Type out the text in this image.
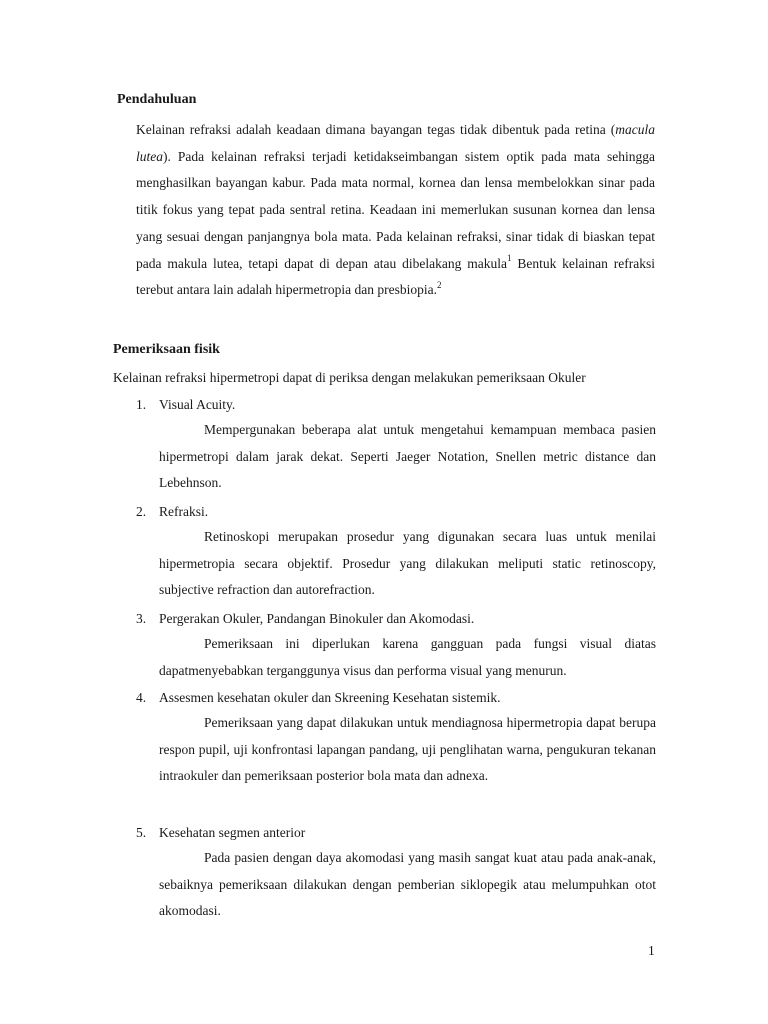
Pendahuluan

Kelainan refraksi adalah keadaan dimana bayangan tegas tidak dibentuk pada retina (macula lutea). Pada kelainan refraksi terjadi ketidakseimbangan sistem optik pada mata sehingga menghasilkan bayangan kabur. Pada mata normal, kornea dan lensa membelokkan sinar pada titik fokus yang tepat pada sentral retina. Keadaan ini memerlukan susunan kornea dan lensa yang sesuai dengan panjangnya bola mata. Pada kelainan refraksi, sinar tidak di biaskan tepat pada makula lutea, tetapi dapat di depan atau dibelakang makula$^1$ Bentuk kelainan refraksi terebut antara lain adalah hipermetropia dan presbiopia.$^2$

Pemeriksaan fisik

Kelainan refraksi hipermetropi dapat di periksa dengan melakukan pemeriksaan Okuler

1. Visual Acuity.

Mempergunakan beberapa alat untuk mengetahui kemampuan membaca pasien hipermetropi dalam jarak dekat. Seperti Jaeger Notation, Snellen metric distance dan Lebehnson.

2. Refraksi.

Retinoskopi merupakan prosedur yang digunakan secara luas untuk menilai hipermetropia secara objektif. Prosedur yang dilakukan meliputi static retinoscopy, subjective refraction dan autorefraction.

3. Pergerakan Okuler, Pandangan Binokuler dan Akomodasi.

Pemeriksaan ini diperlukan karena gangguan pada fungsi visual diatas dapatmenyebabkan terganggunya visus dan performa visual yang menurun.

4. Assesmen kesehatan okuler dan Skreening Kesehatan sistemik.

Pemeriksaan yang dapat dilakukan untuk mendiagnosa hipermetropia dapat berupa respon pupil, uji konfrontasi lapangan pandang, uji penglihatan warna, pengukuran tekanan intraokuler dan pemeriksaan posterior bola mata dan adnexa.

5. Kesehatan segmen anterior

Pada pasien dengan daya akomodasi yang masih sangat kuat atau pada anak-anak, sebaiknya pemeriksaan dilakukan dengan pemberian siklopegik atau melumpuhkan otot akomodasi.

1
